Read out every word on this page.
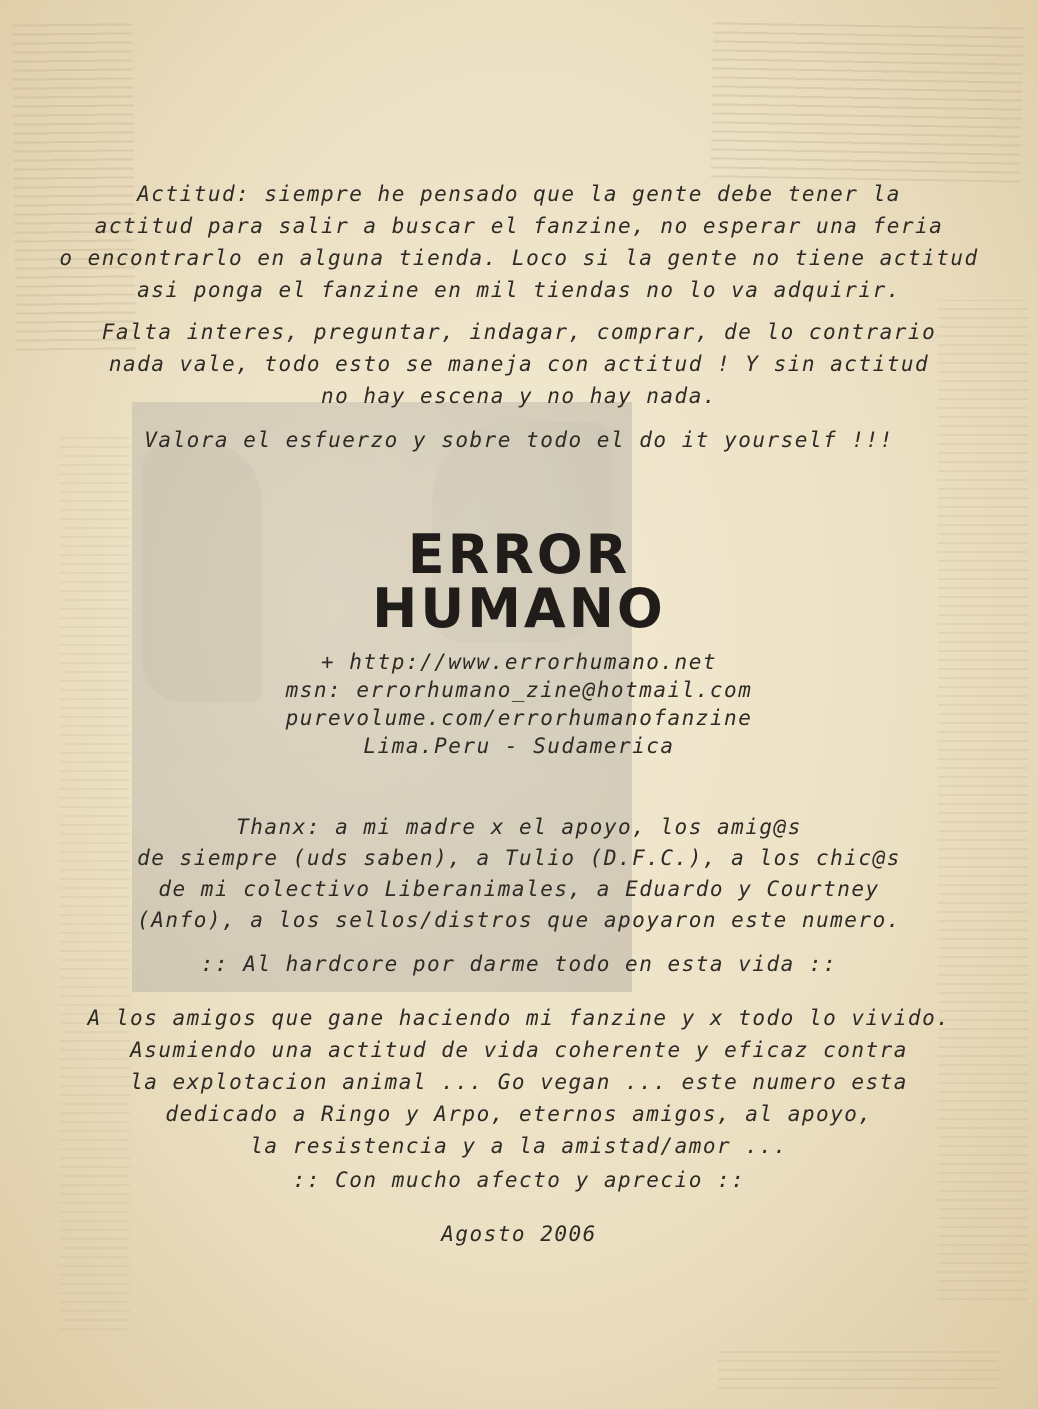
Actitud: siempre he pensado que la gente debe tener la
actitud para salir a buscar el fanzine, no esperar una feria
o encontrarlo en alguna tienda. Loco si la gente no tiene actitud
asi ponga el fanzine en mil tiendas no lo va adquirir.
Falta interes, preguntar, indagar, comprar, de lo contrario
nada vale, todo esto se maneja con actitud ! Y sin actitud
no hay escena y no hay nada.
Valora el esfuerzo y sobre todo el do it yourself !!!
ERROR
HUMANO
+ http://www.errorhumano.net
msn: errorhumano_zine@hotmail.com
purevolume.com/errorhumanofanzine
Lima.Peru - Sudamerica
Thanx: a mi madre x el apoyo, los amig@s
de siempre (uds saben), a Tulio (D.F.C.), a los chic@s
de mi colectivo Liberanimales, a Eduardo y Courtney
(Anfo), a los sellos/distros que apoyaron este numero.
:: Al hardcore por darme todo en esta vida ::
A los amigos que gane haciendo mi fanzine y x todo lo vivido.
Asumiendo una actitud de vida coherente y eficaz contra
la explotacion animal ... Go vegan ... este numero esta
dedicado a Ringo y Arpo, eternos amigos, al apoyo,
la resistencia y a la amistad/amor ...
:: Con mucho afecto y aprecio ::
Agosto 2006
